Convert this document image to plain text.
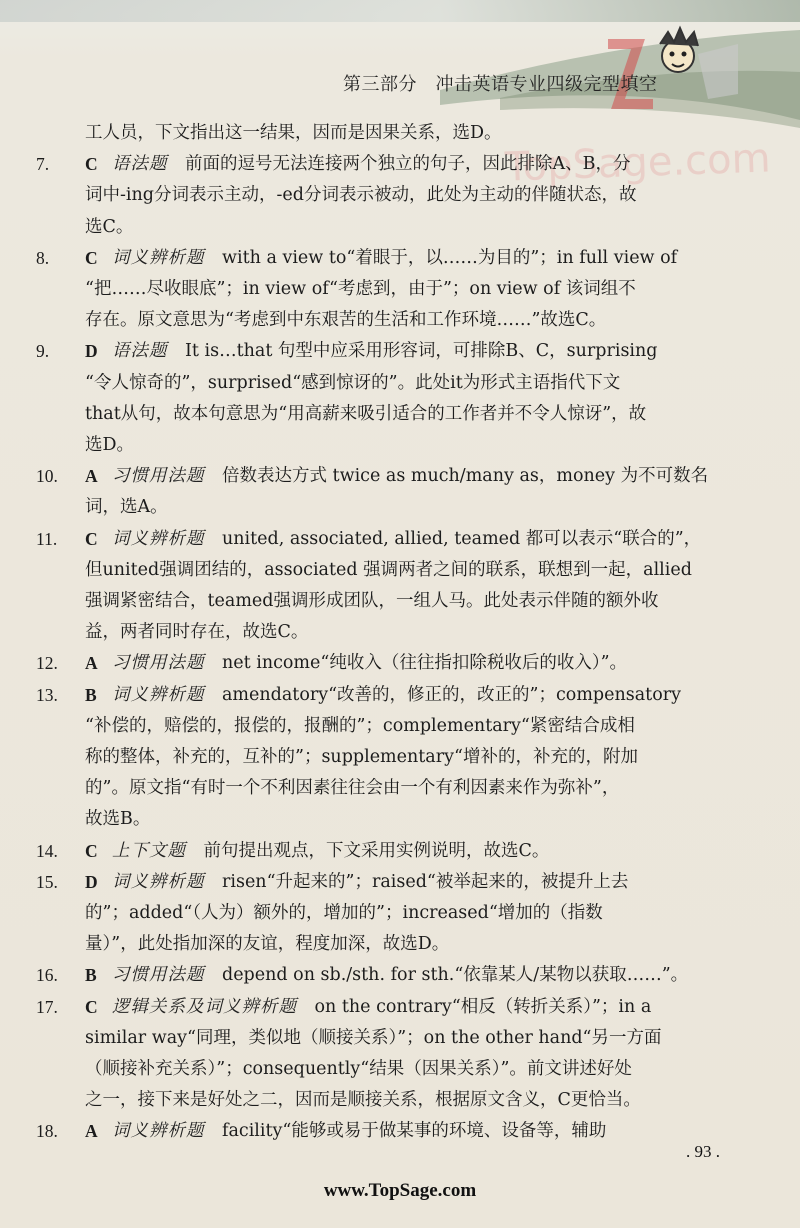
第三部分　冲击英语专业四级完型填空
TopSage.com
工人员，下文指出这一结果，因而是因果关系，选D。
7.	C 语法题  前面的逗号无法连接两个独立的句子，因此排除A、B，分
词中-ing分词表示主动，-ed分词表示被动，此处为主动的伴随状态，故
选C。
8.	C 词义辨析题  with a view to“着眼于，以……为目的”；in full view of
“把……尽收眼底”；in view of“考虑到，由于”；on view of 该词组不
存在。原文意思为“考虑到中东艰苦的生活和工作环境……”故选C。
9.	D 语法题  It is…that 句型中应采用形容词，可排除B、C，surprising
“令人惊奇的”，surprised“感到惊讶的”。此处it为形式主语指代下文
that从句，故本句意思为“用高薪来吸引适合的工作者并不令人惊讶”，故
选D。
10.	A 习惯用法题  倍数表达方式 twice as much/many as，money 为不可数名
词，选A。
11.	C 词义辨析题  united, associated, allied, teamed 都可以表示“联合的”，
但united强调团结的，associated 强调两者之间的联系，联想到一起，allied
强调紧密结合，teamed强调形成团队，一组人马。此处表示伴随的额外收
益，两者同时存在，故选C。
12.	A 习惯用法题  net income“纯收入（往往指扣除税收后的收入）”。
13.	B 词义辨析题  amendatory“改善的，修正的，改正的”；compensatory
“补偿的，赔偿的，报偿的，报酬的”；complementary“紧密结合成相
称的整体，补充的，互补的”；supplementary“增补的，补充的，附加
的”。原文指“有时一个不利因素往往会由一个有利因素来作为弥补”，
故选B。
14.	C 上下文题  前句提出观点，下文采用实例说明，故选C。
15.	D 词义辨析题  risen“升起来的”；raised“被举起来的，被提升上去
的”；added“（人为）额外的，增加的”；increased“增加的（指数
量）”，此处指加深的友谊，程度加深，故选D。
16.	B 习惯用法题  depend on sb./sth. for sth.“依靠某人/某物以获取……”。
17.	C 逻辑关系及词义辨析题  on the contrary“相反（转折关系）”；in a
similar way“同理，类似地（顺接关系）”；on the other hand“另一方面
（顺接补充关系）”；consequently“结果（因果关系）”。前文讲述好处
之一，接下来是好处之二，因而是顺接关系，根据原文含义，C更恰当。
18.	A 词义辨析题  facility“能够或易于做某事的环境、设备等，辅助
. 93 .
www.TopSage.com
